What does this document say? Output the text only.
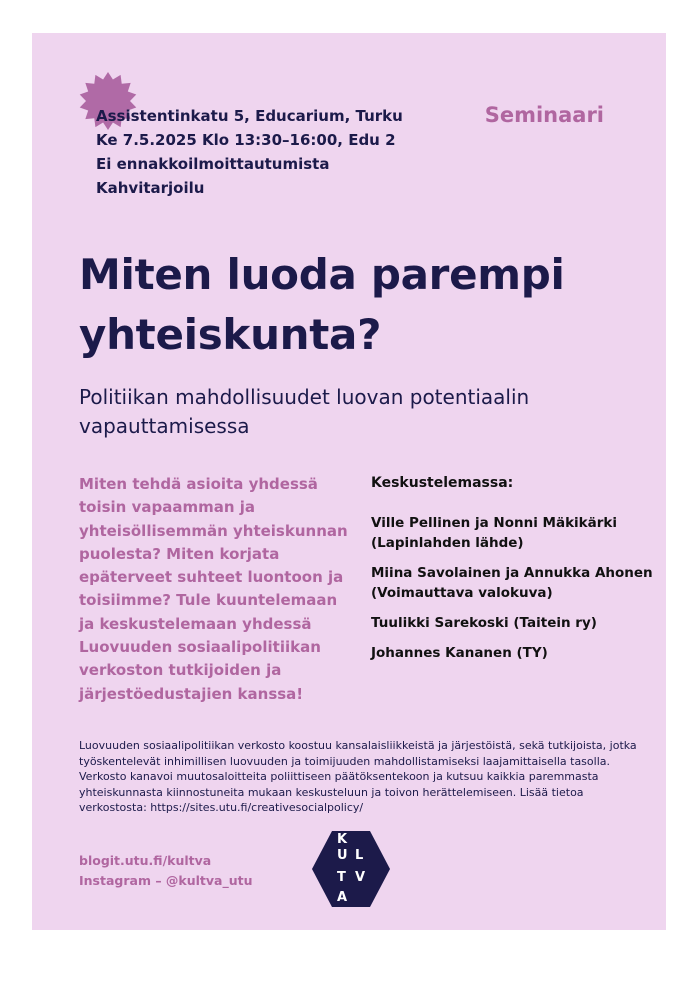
Assistentinkatu 5, Educarium, Turku
Ke 7.5.2025 Klo 13:30–16:00, Edu 2
Ei ennakkoilmoittautumista
Kahvitarjoilu
Seminaari
Miten luoda parempi yhteiskunta?
Politiikan mahdollisuudet luovan potentiaalin vapauttamisessa
Miten tehdä asioita yhdessä toisin vapaamman ja yhteisöllisemmän yhteiskunnan puolesta? Miten korjata epäterveet suhteet luontoon ja toisiimme? Tule kuuntelemaan ja keskustelemaan yhdessä Luovuuden sosiaalipolitiikan verkoston tutkijoiden ja järjestöedustajien kanssa!
Keskustelemassa:
Ville Pellinen ja Nonni Mäkikärki (Lapinlahden lähde)
Miina Savolainen ja Annukka Ahonen (Voimauttava valokuva)
Tuulikki Sarekoski (Taitein ry)
Johannes Kananen (TY)
Luovuuden sosiaalipolitiikan verkosto koostuu kansalaisliikkeistä ja järjestöistä, sekä tutkijoista, jotka työskentelevät inhimillisen luovuuden ja toimijuuden mahdollistamiseksi laajamittaisella tasolla. Verkosto kanavoi muutosaloitteita poliittiseen päätöksentekoon ja kutsuu kaikkia paremmasta yhteiskunnasta kiinnostuneita mukaan keskusteluun ja toivon herättelemiseen. Lisää tietoa verkostosta: https://sites.utu.fi/creativesocialpolicy/
blogit.utu.fi/kultva
Instagram – @kultva_utu
K
U L
T V
A
